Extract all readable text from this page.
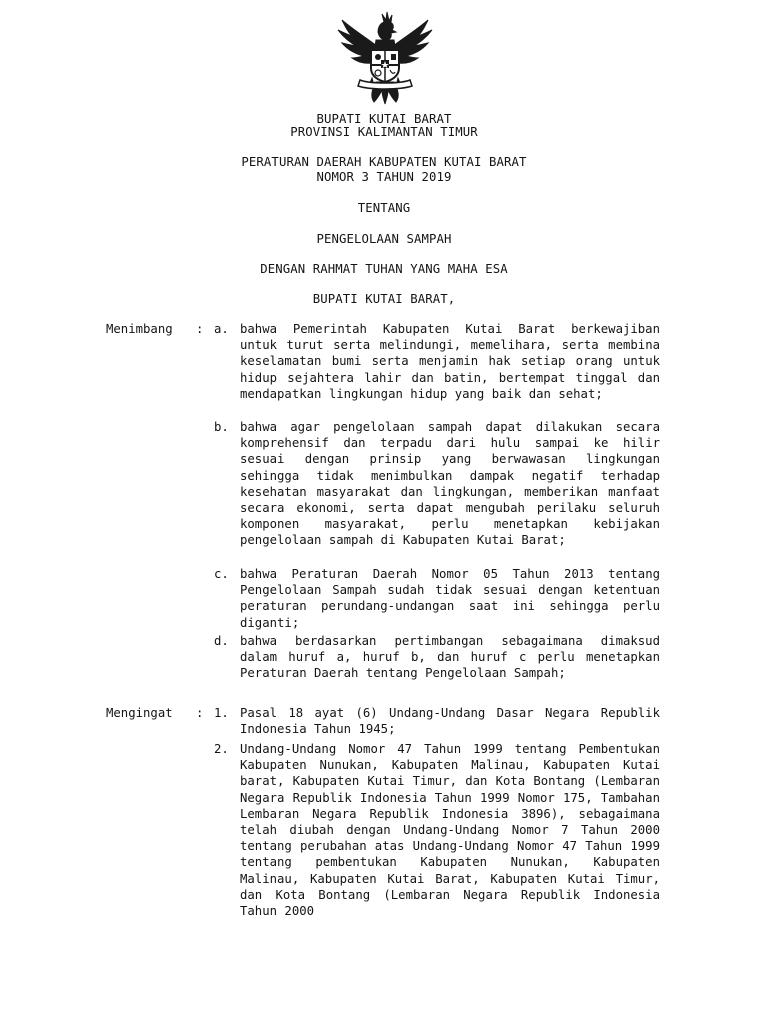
BUPATI KUTAI BARAT
PROVINSI KALIMANTAN TIMUR
PERATURAN DAERAH KABUPATEN KUTAI BARAT
NOMOR 3 TAHUN 2019
TENTANG
PENGELOLAAN SAMPAH
DENGAN RAHMAT TUHAN YANG MAHA ESA
BUPATI KUTAI BARAT,
Menimbang : a. bahwa Pemerintah Kabupaten Kutai Barat berkewajiban untuk turut serta melindungi, memelihara, serta membina keselamatan bumi serta menjamin hak setiap orang untuk hidup sejahtera lahir dan batin, bertempat tinggal dan mendapatkan lingkungan hidup yang baik dan sehat;
b. bahwa agar pengelolaan sampah dapat dilakukan secara komprehensif dan terpadu dari hulu sampai ke hilir sesuai dengan prinsip yang berwawasan lingkungan sehingga tidak menimbulkan dampak negatif terhadap kesehatan masyarakat dan lingkungan, memberikan manfaat secara ekonomi, serta dapat mengubah perilaku seluruh komponen masyarakat, perlu menetapkan kebijakan pengelolaan sampah di Kabupaten Kutai Barat;
c. bahwa Peraturan Daerah Nomor 05 Tahun 2013 tentang Pengelolaan Sampah sudah tidak sesuai dengan ketentuan peraturan perundang-undangan saat ini sehingga perlu diganti;
d. bahwa berdasarkan pertimbangan sebagaimana dimaksud dalam huruf a, huruf b, dan huruf c perlu menetapkan Peraturan Daerah tentang Pengelolaan Sampah;
Mengingat : 1. Pasal 18 ayat (6) Undang-Undang Dasar Negara Republik Indonesia Tahun 1945;
2. Undang-Undang Nomor 47 Tahun 1999 tentang Pembentukan Kabupaten Nunukan, Kabupaten Malinau, Kabupaten Kutai barat, Kabupaten Kutai Timur, dan Kota Bontang (Lembaran Negara Republik Indonesia Tahun 1999 Nomor 175, Tambahan Lembaran Negara Republik Indonesia 3896), sebagaimana telah diubah dengan Undang-Undang Nomor 7 Tahun 2000 tentang perubahan atas Undang-Undang Nomor 47 Tahun 1999 tentang pembentukan Kabupaten Nunukan, Kabupaten Malinau, Kabupaten Kutai Barat, Kabupaten Kutai Timur, dan Kota Bontang (Lembaran Negara Republik Indonesia Tahun 2000
